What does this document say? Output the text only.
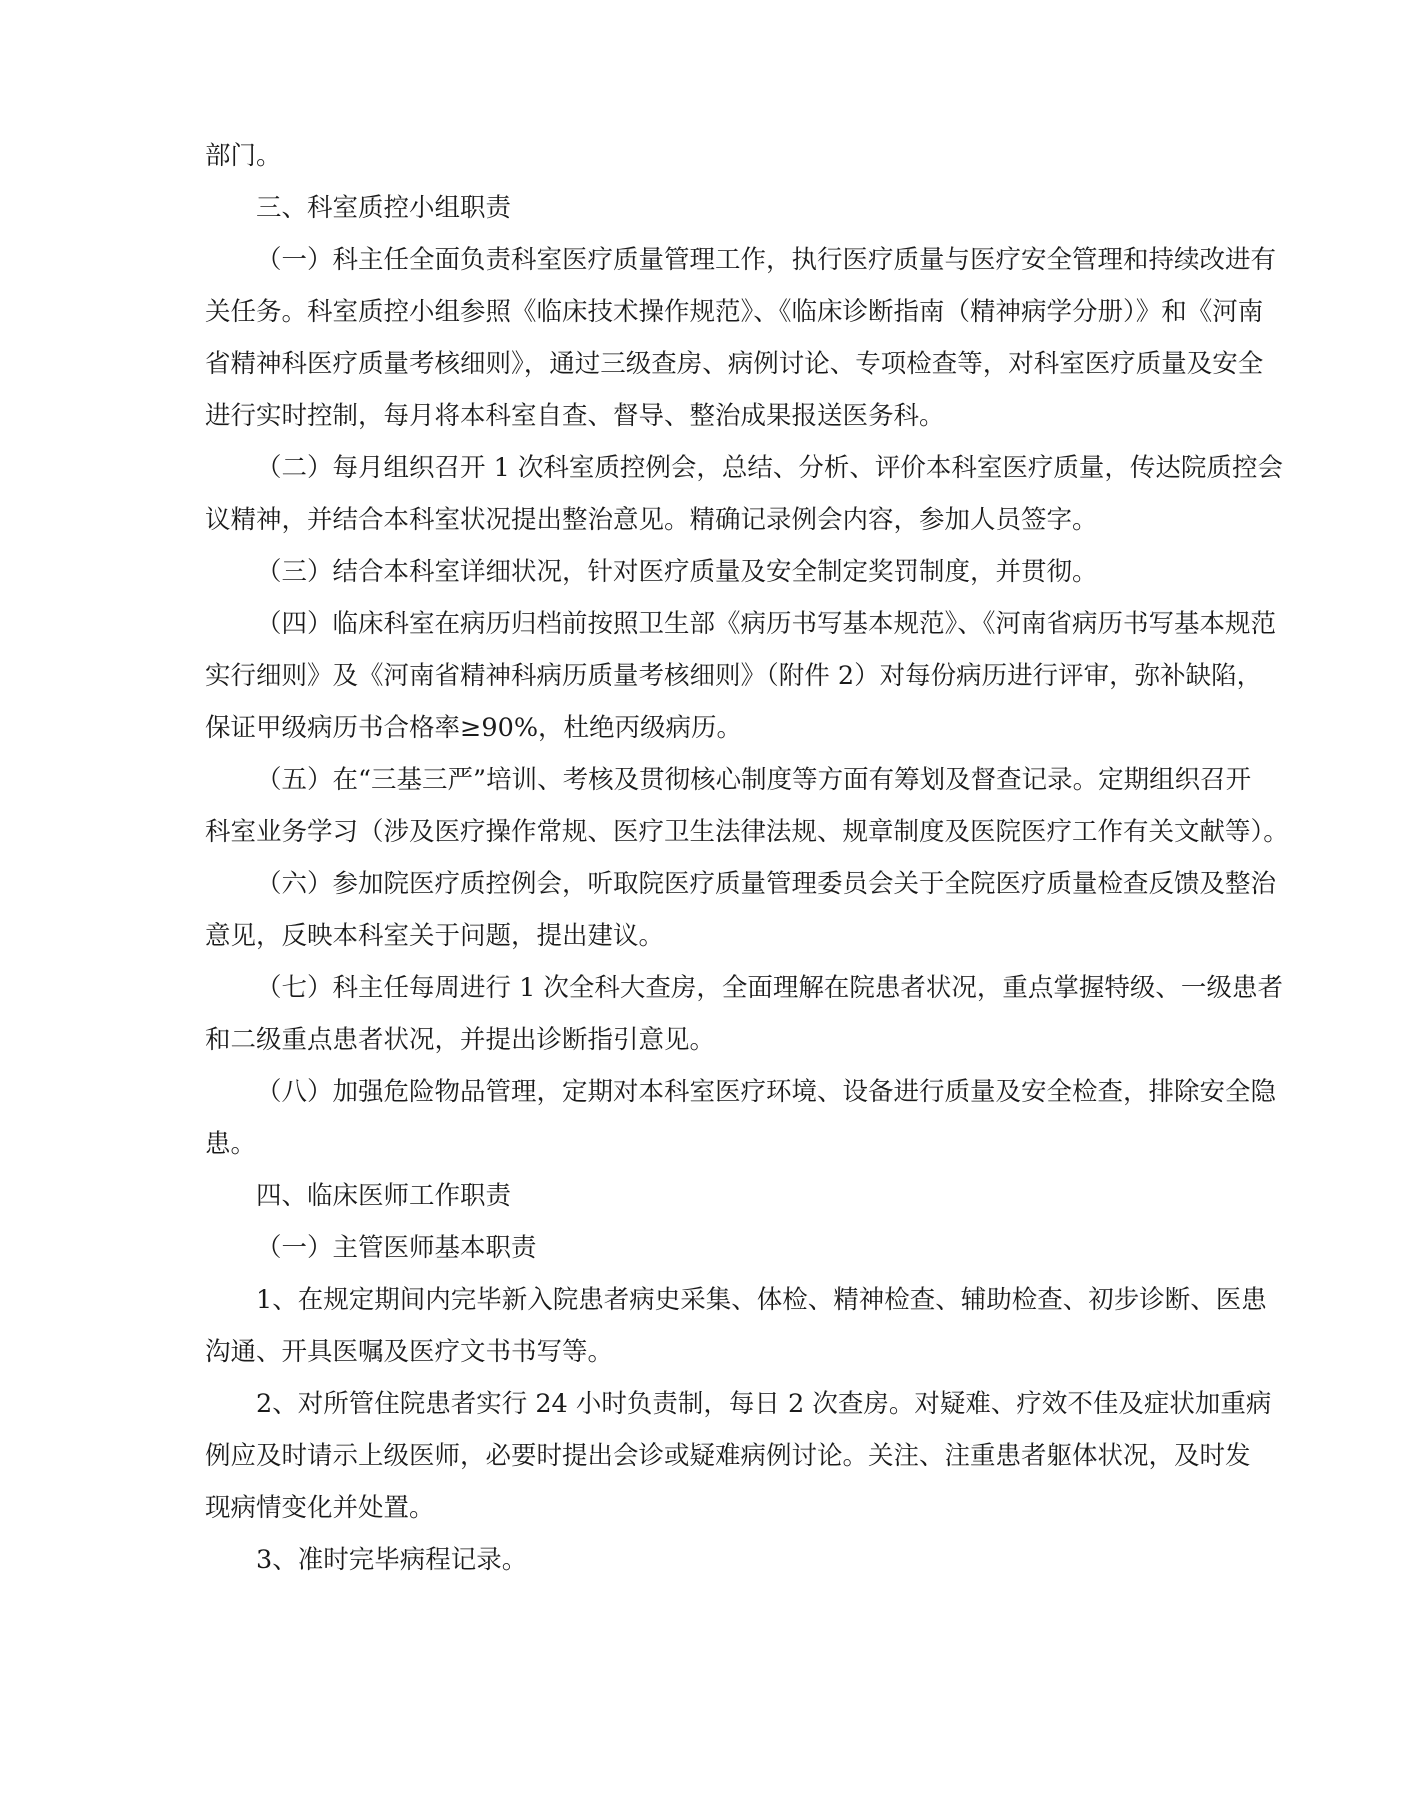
部门。
三、科室质控小组职责
（一）科主任全面负责科室医疗质量管理工作，执行医疗质量与医疗安全管理和持续改进有
关任务。科室质控小组参照《临床技术操作规范》、《临床诊断指南（精神病学分册）》和《河南
省精神科医疗质量考核细则》，通过三级查房、病例讨论、专项检查等，对科室医疗质量及安全
进行实时控制，每月将本科室自查、督导、整治成果报送医务科。
（二）每月组织召开 1 次科室质控例会，总结、分析、评价本科室医疗质量，传达院质控会
议精神，并结合本科室状况提出整治意见。精确记录例会内容，参加人员签字。
（三）结合本科室详细状况，针对医疗质量及安全制定奖罚制度，并贯彻。
（四）临床科室在病历归档前按照卫生部《病历书写基本规范》、《河南省病历书写基本规范
实行细则》及《河南省精神科病历质量考核细则》（附件 2）对每份病历进行评审，弥补缺陷，
保证甲级病历书合格率≥90%，杜绝丙级病历。
（五）在“三基三严”培训、考核及贯彻核心制度等方面有筹划及督查记录。定期组织召开
科室业务学习（涉及医疗操作常规、医疗卫生法律法规、规章制度及医院医疗工作有关文献等）。
（六）参加院医疗质控例会，听取院医疗质量管理委员会关于全院医疗质量检查反馈及整治
意见，反映本科室关于问题，提出建议。
（七）科主任每周进行 1 次全科大查房，全面理解在院患者状况，重点掌握特级、一级患者
和二级重点患者状况，并提出诊断指引意见。
（八）加强危险物品管理，定期对本科室医疗环境、设备进行质量及安全检查，排除安全隐
患。
四、临床医师工作职责
（一）主管医师基本职责
1、在规定期间内完毕新入院患者病史采集、体检、精神检查、辅助检查、初步诊断、医患
沟通、开具医嘱及医疗文书书写等。
2、对所管住院患者实行 24 小时负责制，每日 2 次查房。对疑难、疗效不佳及症状加重病
例应及时请示上级医师，必要时提出会诊或疑难病例讨论。关注、注重患者躯体状况，及时发
现病情变化并处置。
3、准时完毕病程记录。
